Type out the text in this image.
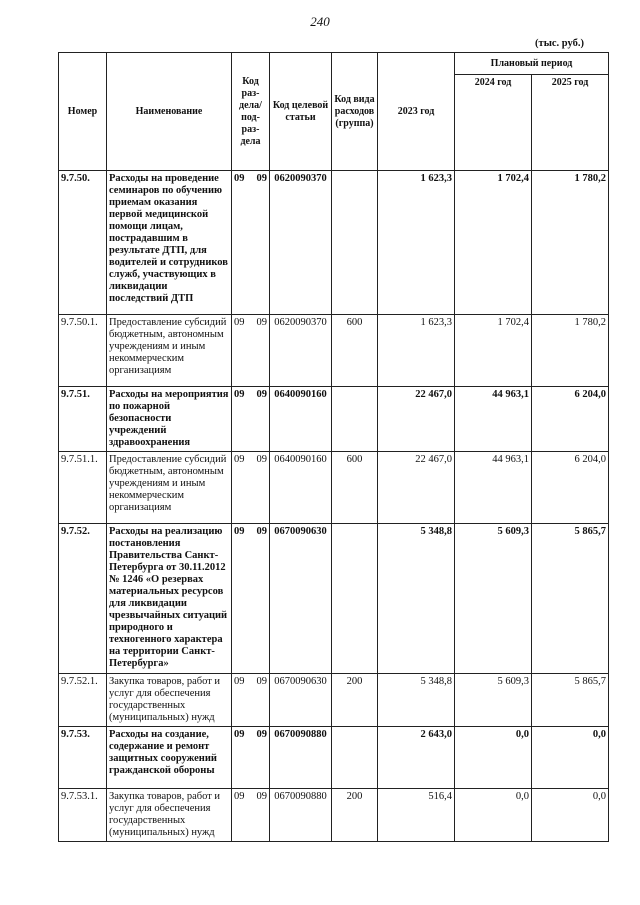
240
(тыс. руб.)
Номер	Наименование	Код раз- дела/ под- раз- дела	Код целевой статьи	Код вида расходов (группа)	2023 год	Плановый период	
						2024 год	2025 год
9.7.50.	Расходы на проведение семинаров по обучению приемам оказания первой медицинской помощи лицам, пострадавшим в результате ДТП, для водителей и сотрудников служб, участвующих в ликвидации последствий ДТП	09 09	0620090370		1 623,3	1 702,4	1 780,2
9.7.50.1.	Предоставление субсидий бюджетным, автономным учреждениям и иным некоммерческим организациям	09 09	0620090370	600	1 623,3	1 702,4	1 780,2
9.7.51.	Расходы на мероприятия по пожарной безопасности учреждений здравоохранения	09 09	0640090160		22 467,0	44 963,1	6 204,0
9.7.51.1.	Предоставление субсидий бюджетным, автономным учреждениям и иным некоммерческим организациям	09 09	0640090160	600	22 467,0	44 963,1	6 204,0
9.7.52.	Расходы на реализацию постановления Правительства Санкт-Петербурга от 30.11.2012 № 1246 «О резервах материальных ресурсов для ликвидации чрезвычайных ситуаций природного и техногенного характера на территории Санкт-Петербурга»	09 09	0670090630		5 348,8	5 609,3	5 865,7
9.7.52.1.	Закупка товаров, работ и услуг для обеспечения государственных (муниципальных) нужд	09 09	0670090630	200	5 348,8	5 609,3	5 865,7
9.7.53.	Расходы на создание, содержание и ремонт защитных сооружений гражданской обороны	09 09	0670090880		2 643,0	0,0	0,0
9.7.53.1.	Закупка товаров, работ и услуг для обеспечения государственных (муниципальных) нужд	09 09	0670090880	200	516,4	0,0	0,0
